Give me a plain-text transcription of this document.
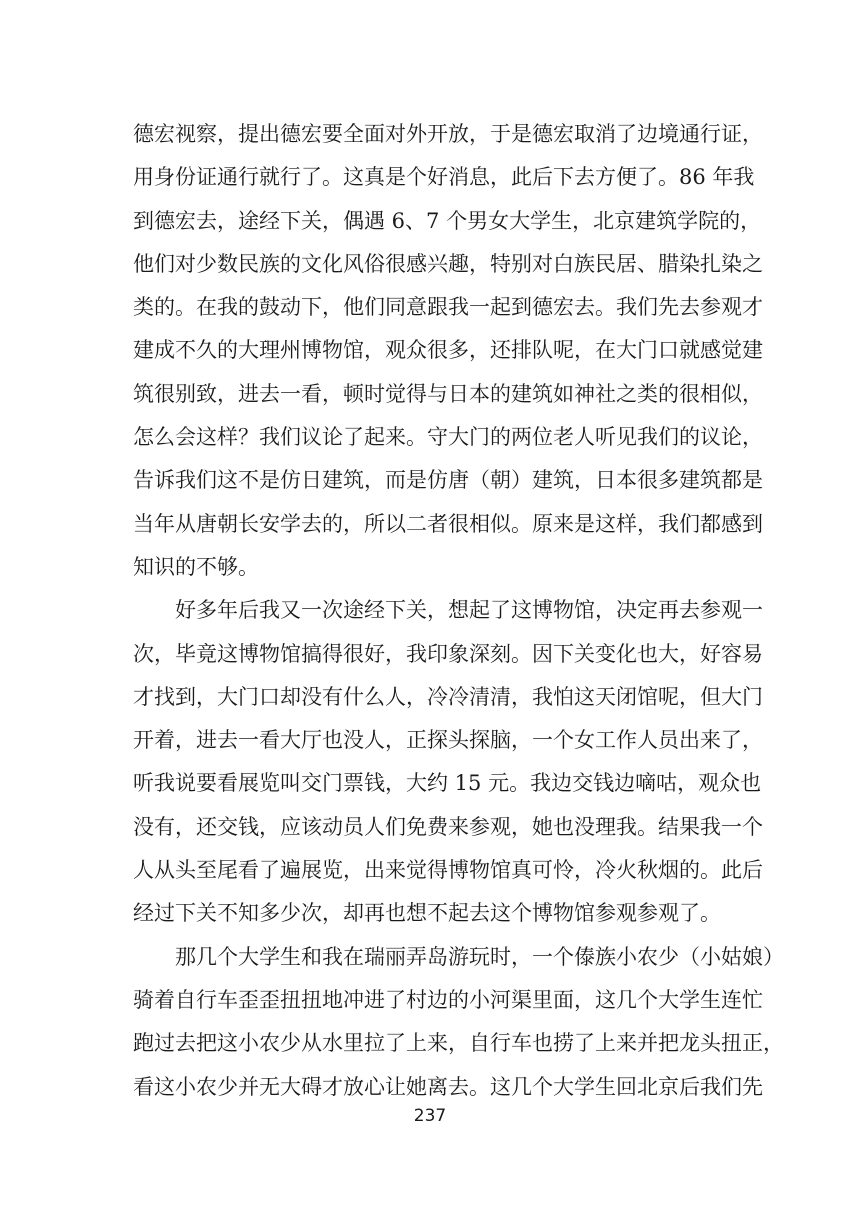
德宏视察，提出德宏要全面对外开放，于是德宏取消了边境通行证，
用身份证通行就行了。这真是个好消息，此后下去方便了。86 年我
到德宏去，途经下关，偶遇 6、7 个男女大学生，北京建筑学院的，
他们对少数民族的文化风俗很感兴趣，特别对白族民居、腊染扎染之
类的。在我的鼓动下，他们同意跟我一起到德宏去。我们先去参观才
建成不久的大理州博物馆，观众很多，还排队呢，在大门口就感觉建
筑很别致，进去一看，顿时觉得与日本的建筑如神社之类的很相似，
怎么会这样？我们议论了起来。守大门的两位老人听见我们的议论，
告诉我们这不是仿日建筑，而是仿唐（朝）建筑，日本很多建筑都是
当年从唐朝长安学去的，所以二者很相似。原来是这样，我们都感到
知识的不够。
好多年后我又一次途经下关，想起了这博物馆，决定再去参观一
次，毕竟这博物馆搞得很好，我印象深刻。因下关变化也大，好容易
才找到，大门口却没有什么人，冷冷清清，我怕这天闭馆呢，但大门
开着，进去一看大厅也没人，正探头探脑，一个女工作人员出来了，
听我说要看展览叫交门票钱，大约 15 元。我边交钱边嘀咕，观众也
没有，还交钱，应该动员人们免费来参观，她也没理我。结果我一个
人从头至尾看了遍展览，出来觉得博物馆真可怜，冷火秋烟的。此后
经过下关不知多少次，却再也想不起去这个博物馆参观参观了。
那几个大学生和我在瑞丽弄岛游玩时，一个傣族小农少（小姑娘）
骑着自行车歪歪扭扭地冲进了村边的小河渠里面，这几个大学生连忙
跑过去把这小农少从水里拉了上来，自行车也捞了上来并把龙头扭正，
看这小农少并无大碍才放心让她离去。这几个大学生回北京后我们先
237
